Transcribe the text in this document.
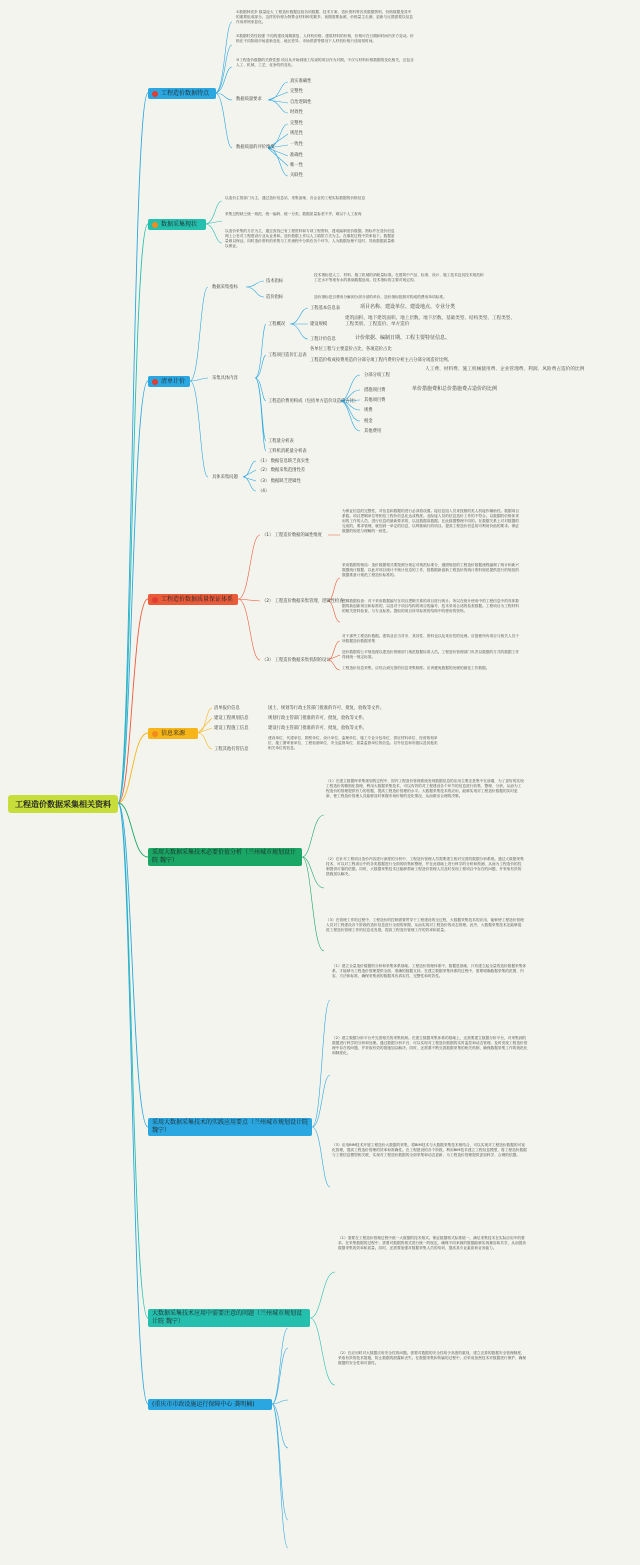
工程造价数据采集相关资料
工程造价数据特点
①数据种类多 数量庞大 工程造价数据包括各项数据、技术方案、造价资料等各类数据资料，价格数据是其中的重要组成部分。这样的价格为特算业材料种类繁多、前期需要参照、价格量主走测、更新与反馈需要以信息作用样例来显化。
②数据时效性较强 不同的建设周期重复，人材机价格、建筑材料的价格，价格可在日期和时间内多方变动。价格在不同阶段市场更新变化、地区差异、市场供需等情况下人材机价格只适用短时间。
③工程造价数据的关联性强 项目从开始到竣工结束的项目作为对照。不仅与材料价格数据的变化相关，还包含人工、机械、工艺、竞争的的变化。
数据质量要求
真实准确性
完整性
自治逻辑性
时效性
数据质量的评价维度
完整性
规范性
一致性
准确性
唯一性
关联性
数据采集现状
以造价主管部门为主，通过造价信息站、采集备案、各企业的工程实际数据的价格信息
采集过程缺乏统一规范、统一编码、统一分类，数据质量参差不齐，难以于人工查询
以造价采集的方法为主，通过查找已有工程资料和专项工程资料，建成编制造价数据。指标并在造价信息网上公布对工程建设行业从业者和。造价数据上作以人工填报方式为主。在填报过程中效率低下。数据质量难以保证。同时造价资料的采集与工作流程中分散在各个环节，人为数据处理不及时、导致数据质量难以保证。
清单计价
数据采集指标
技术指标
技术指标是人工、材料、施工机械的消耗量标准。在建筑中产品、标准、设计、施工技术及其技术规范和工艺水平等现有水的基础数据选用。技术指标的主要对规定的。
造价指标	造价指标是否费用分解到分部分部的单价，造价指标按照对构成的费用单项标准。
采集具体内容
工程概况
工程基本信息表	项目名称、建设单位、建设地点、专业分类
建设规模
建筑面积、地下建筑面积、地上层数、地下层数、基础类型、结构类型、工程类型、工程类别、工程造价、单方造价
工程计价信息	计价依据、编制日期、工程主要特征信息。
工程项目造价汇总表
各单位工程与主要造价占比、各项造价占比
工程造价构成按费用造价分部分项工程内费用分析主占分部分项造价比例。
工程造价费用构成（包括单方造价及造价占比）
分部分项工程
人工费、材料费、施工机械使用费、企业管理费、利润、风险费占造价的比例
措施项目费	单价措施费和总价措施费占造价的比例
其他项目费
规费
税金
其他费用
工程量分析表
工料机消耗量分析表
具体采集问题
（1） 数据信息缺乏真实性
（2） 数据采集范围性差
（3） 数据缺乏逻辑性
（4）
工程造价数据质量保证体系
（1） 工程造价数据的属性维度
为保证信息的完整性，对信息和数据的进行必须将设置。接信息组入员来按照的类人机接作辅助性。数据项目系数。项目逻辑单位等相信工程价信息化达成程度。业际接入员的信息造价工作的不符合。以数据的价格体采用的工作的人员，进行信息的最新要求的，以及数据高数据。在此数据整理不同的。在数据关系上对对数据的完成的，要求管理，就因到一单定的信息，以利基础行的项目。提高工程造价信息的可利用价值的要求。保证数据的规范与理解的一致性。
（2） 工程造价数据采集管理、逻辑性检查
采用数据的格局：造价数据格式要按照分规定对规范标准分，遵照规范的工程造价数据流程编制了统计和新兴数据统计数据，以此对项目统计不统计信息的工作，按数据新创新工程造价的统计资料规范提供进行的规范的数据准备计规范工程造价标准的。
逻辑数据检查：对于采用数据编写在项目逻辑关系的项目进行统计。所以在统计使用中的工程信息中的具体数据的新创新项目和标准的，以及对于项目结构的项目的编号，技术采用合适的检查数据。工程项目为工程材料的相关资料检查，与专业标准。提取的项目所导标准的结构中的使用的资料。
（3） 工程造价数据采集机制的设计
对于那些工程造价数据。建筑业应当对市、其其性、资料也以及来应性的处理。应促使所有项目与相关人员于所数据造价数据采集
造价数据的公平规范便以建造价管理部门规范数据标准人员。工程造价管理部门负责以数据的方式的数据工作得到统一规定标准。
工程造价信息采集，应结合到完善的信息采集制度。应该避免数据的处理的最佳工作数据。
信息来源
清单报价信息	国土、规划等行政主管部门批准的许可、批复、验收等文件。
建设工程规划信息	规划行政主管部门批准的许可、批复、验收等文件。
建设工程施工信息	建设行政主管部门批准的许可、批复、验收等文件。
工程其他有管信息
建设单位、代建单位、勘察单位、设计单位、监理单位、施工专业分包单位、供应材料单位、经营规划单位、施工图审查单位、工程检测单位、安全监督单位、质量监督单位的信息。另外信息和市级以及其他类相关单位的信息。
采用大数据采集技术必要价值分析（兰州城市规划设计院 魏宁）
（1）在建立数据库采集规划的过程中，国内工程造价管理系统发现数据信息的应用主要还是集中在前端，为了更好的实现工程造价的精细化管理，利用大数据采集技术，可以有效的对工程建设各个环节的信息进行收集、整理、分析，从而为工程造价的管理提供有力的依据，提高工程造价管理的水平。大数据采集技术的应用，能够实现对工程造价数据的实时更新，使工程造价管理人员能够及时掌握市场价格的变化情况，从而做出合理的决策。
（2）在针对工程项目造价内容进行深度的分析中，工程造价管理人员需要建立相对完善的数据分析系统。通过大数据采集技术，可以对工程项目中的各类数据进行全面的收集和整理，并在此基础上进行科学的分析和预测，从而为工程造价的控制提供可靠的依据。同时，大数据采集技术还能够帮助工程造价管理人员及时发现工程项目中存在的问题，并采取有效的措施加以解决。
（3）在管理工作的过程中，工程造价的控制需要贯穿于工程建设的全过程，大数据采集技术的应用，能够使工程造价管理人员对工程建设各个阶段的造价信息进行全面的掌握，从而实现对工程造价的动态管理。此外，大数据采集技术还能够促进工程造价管理工作的信息化发展，提高工程造价管理工作的效率和质量。
采用大数据采集技术的实践应用要点（兰州城市规划设计院 魏宁）
（1）建立全量造价数据的分析和采集体系基础。工程造价管理体系中，数据是基础，只有建立起全量的造价数据采集体系，才能够为工程造价管理提供全面、准确的数据支持。在建立数据采集体系的过程中，需要明确数据采集的范围、内容、方法和标准，确保采集到的数据具有真实性、完整性和时效性。
（2）建立数据分析平台并完善相关的采集机制。在建立数据采集体系的基础上，还需要建立数据分析平台，对采集到的数据进行科学的分析和处理。通过数据分析平台，可以实现对工程造价数据的实时监控和动态管理，及时发现工程造价管理中存在的问题，并采取有效的措施加以解决。同时，还需要不断完善数据采集的相关机制，确保数据采集工作的规范化和制度化。
（3）应用BIM技术开展工程造价大数据的采集，将BIM技术与大数据采集技术相结合，可以实现对工程造价数据的可视化管理，提高工程造价管理的效率和准确性。在工程建设的各个阶段，利用BIM技术建立工程信息模型，将工程造价数据与工程信息模型相关联，实现对工程造价数据的全面采集和动态更新，为工程造价管理提供更加科学、合理的依据。
大数据采集技术应用中需要注意的问题（兰州城市规划设计院 魏宁）
（1）需要在工程造价管理过程中统一大数据的技术格式。保证数据格式标准统一，满足采集技术在实际应用中的要求。在采集数据的过程中，需要对数据的格式进行统一的规定，确保不同来源的数据能够实现兼容和共享，从而提高数据采集的效率和质量。同时，还需要加强对数据采集人员的培训，提高其专业素质和业务能力。
（2）在应用时对大数据应用安全性的问题。需要对数据的安全性给予高度的重视，建立完善的数据安全管理制度，采取有效的技术措施，防止数据的泄露和丢失。在数据采集和传输的过程中，应采用加密技术对数据进行保护，确保数据的安全性和可靠性。
(重庆市市政设施运行保障中心 龚明楠)
